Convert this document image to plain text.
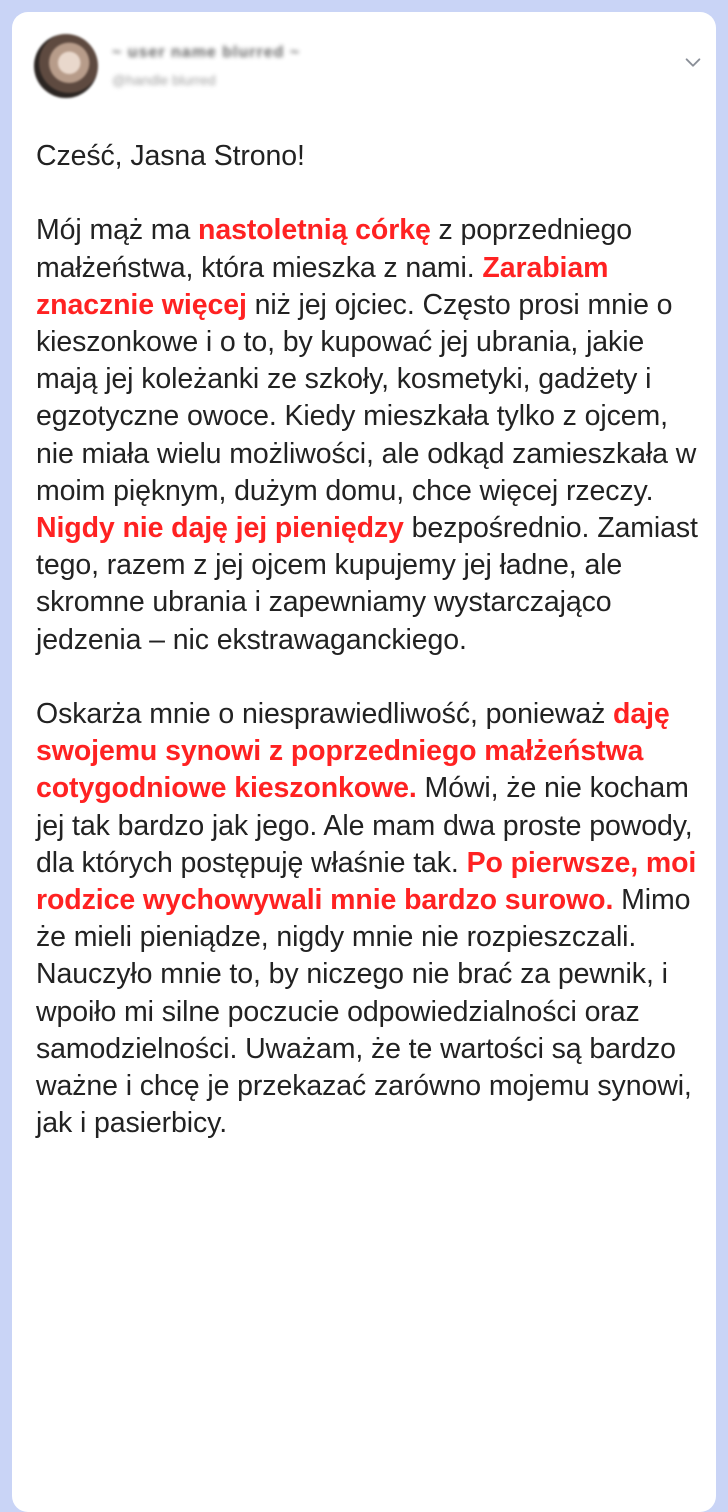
~ user name blurred ~
@handle blurred

Cześć, Jasna Strono!

Mój mąż ma nastoletnią córkę z poprzedniego małżeństwa, która mieszka z nami. Zarabiam znacznie więcej niż jej ojciec. Często prosi mnie o kieszonkowe i o to, by kupować jej ubrania, jakie mają jej koleżanki ze szkoły, kosmetyki, gadżety i egzotyczne owoce. Kiedy mieszkała tylko z ojcem, nie miała wielu możliwości, ale odkąd zamieszkała w moim pięknym, dużym domu, chce więcej rzeczy. Nigdy nie daję jej pieniędzy bezpośrednio. Zamiast tego, razem z jej ojcem kupujemy jej ładne, ale skromne ubrania i zapewniamy wystarczająco jedzenia – nic ekstrawaganckiego.

Oskarża mnie o niesprawiedliwość, ponieważ daję swojemu synowi z poprzedniego małżeństwa cotygodniowe kieszonkowe. Mówi, że nie kocham jej tak bardzo jak jego. Ale mam dwa proste powody, dla których postępuję właśnie tak. Po pierwsze, moi rodzice wychowywali mnie bardzo surowo. Mimo że mieli pieniądze, nigdy mnie nie rozpieszczali. Nauczyło mnie to, by niczego nie brać za pewnik, i wpoiło mi silne poczucie odpowiedzialności oraz samodzielności. Uważam, że te wartości są bardzo ważne i chcę je przekazać zarówno mojemu synowi, jak i pasierbicy.
